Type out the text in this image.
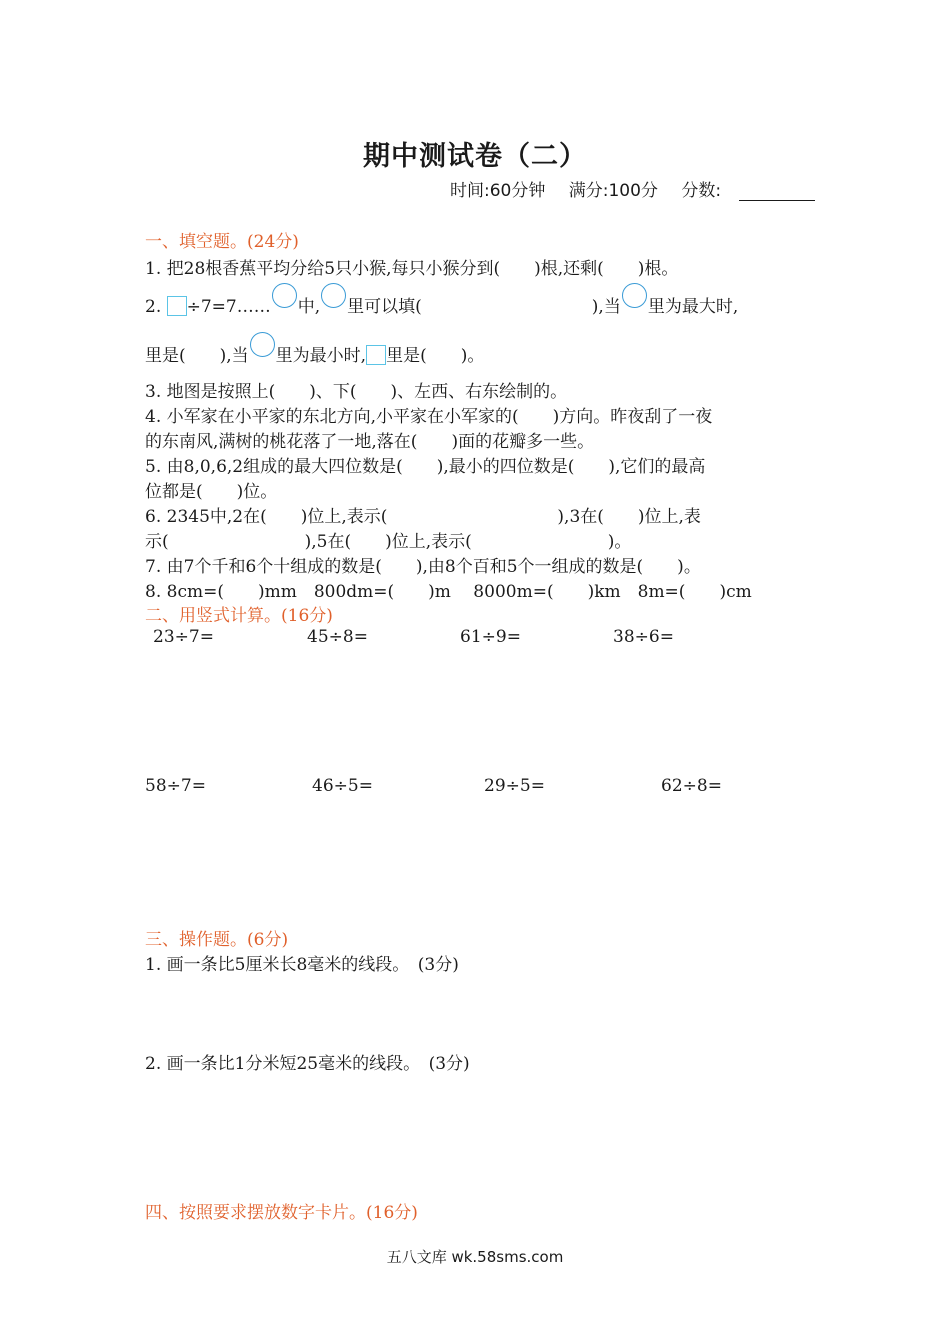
期中测试卷（二）
时间:60分钟 满分:100分 分数:
一、填空题。(24分)
1. 把28根香蕉平均分给5只小猴,每只小猴分到(　　)根,还剩(　　)根。
2. ÷7=7…… 中, 里可以填(　　　　　　　　　　),当 里为最大时,
里是(　　),当 里为最小时, 里是(　　)。
3. 地图是按照上(　　)、下(　　)、左西、右东绘制的。
4. 小军家在小平家的东北方向,小平家在小军家的(　　)方向。昨夜刮了一夜
的东南风,满树的桃花落了一地,落在(　　)面的花瓣多一些。
5. 由8,0,6,2组成的最大四位数是(　　),最小的四位数是(　　),它们的最高
位都是(　　)位。
6. 2345中,2在(　　)位上,表示(　　　　　　　　　　),3在(　　)位上,表
示(　　　　　　　　),5在(　　)位上,表示(　　　　　　　　)。
7. 由7个千和6个十组成的数是(　　),由8个百和5个一组成的数是(　　)。
8. 8cm=(　　)mm　800dm=(　　)m　 8000m=(　　)km　8m=(　　)cm
二、用竖式计算。(16分)
23÷7=	45÷8=	61÷9=	38÷6=
58÷7=	46÷5=	29÷5=	62÷8=
三、操作题。(6分)
1. 画一条比5厘米长8毫米的线段。　(3分)
2. 画一条比1分米短25毫米的线段。　(3分)
四、按照要求摆放数字卡片。(16分)
五八文库 wk.58sms.com
